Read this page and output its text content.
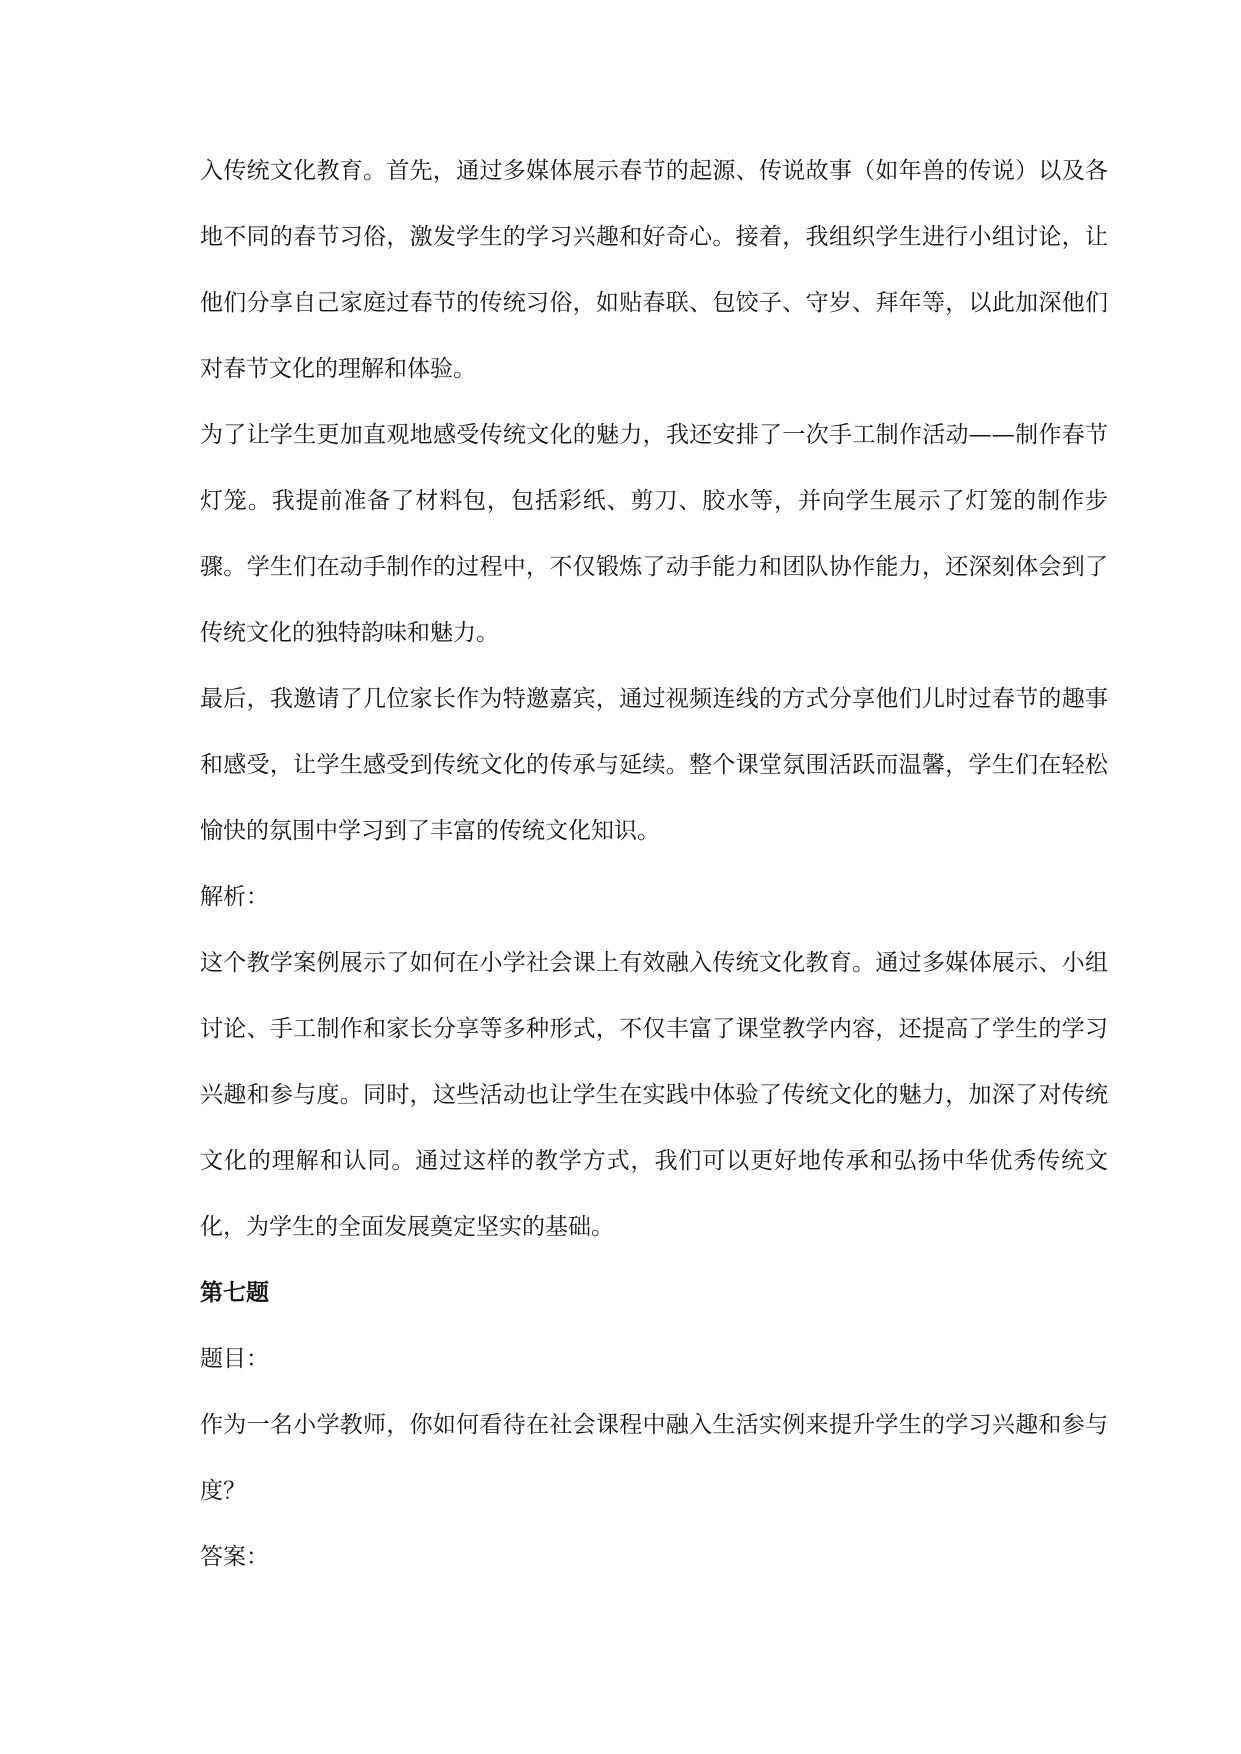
入传统文化教育。首先，通过多媒体展示春节的起源、传说故事（如年兽的传说）以及各地不同的春节习俗，激发学生的学习兴趣和好奇心。接着，我组织学生进行小组讨论，让他们分享自己家庭过春节的传统习俗，如贴春联、包饺子、守岁、拜年等，以此加深他们对春节文化的理解和体验。

为了让学生更加直观地感受传统文化的魅力，我还安排了一次手工制作活动——制作春节灯笼。我提前准备了材料包，包括彩纸、剪刀、胶水等，并向学生展示了灯笼的制作步骤。学生们在动手制作的过程中，不仅锻炼了动手能力和团队协作能力，还深刻体会到了传统文化的独特韵味和魅力。

最后，我邀请了几位家长作为特邀嘉宾，通过视频连线的方式分享他们儿时过春节的趣事和感受，让学生感受到传统文化的传承与延续。整个课堂氛围活跃而温馨，学生们在轻松愉快的氛围中学习到了丰富的传统文化知识。

解析：

这个教学案例展示了如何在小学社会课上有效融入传统文化教育。通过多媒体展示、小组讨论、手工制作和家长分享等多种形式，不仅丰富了课堂教学内容，还提高了学生的学习兴趣和参与度。同时，这些活动也让学生在实践中体验了传统文化的魅力，加深了对传统文化的理解和认同。通过这样的教学方式，我们可以更好地传承和弘扬中华优秀传统文化，为学生的全面发展奠定坚实的基础。

第七题

题目：

作为一名小学教师，你如何看待在社会课程中融入生活实例来提升学生的学习兴趣和参与度？

答案：
